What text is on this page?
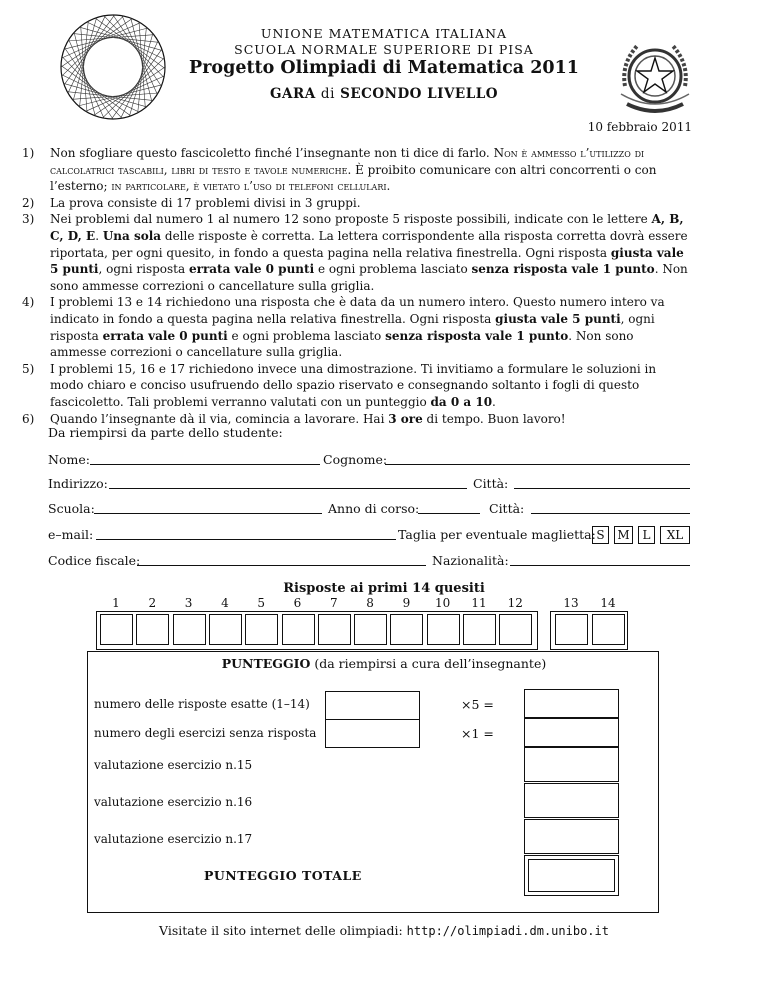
UNIONE MATEMATICA ITALIANA
SCUOLA NORMALE SUPERIORE DI PISA
Progetto Olimpiadi di Matematica 2011
GARA di SECONDO LIVELLO
10 febbraio 2011
1) Non sfogliare questo fascicoletto finché l’insegnante non ti dice di farlo. Non è ammesso l’utilizzo di calcolatrici tascabili, libri di testo e tavole numeriche. È proibito comunicare con altri concorrenti o con l’esterno; in particolare, è vietato l’uso di telefoni cellulari.
2) La prova consiste di 17 problemi divisi in 3 gruppi.
3) Nei problemi dal numero 1 al numero 12 sono proposte 5 risposte possibili, indicate con le lettere A, B, C, D, E. Una sola delle risposte è corretta. La lettera corrispondente alla risposta corretta dovrà essere riportata, per ogni quesito, in fondo a questa pagina nella relativa finestrella. Ogni risposta giusta vale 5 punti, ogni risposta errata vale 0 punti e ogni problema lasciato senza risposta vale 1 punto. Non sono ammesse correzioni o cancellature sulla griglia.
4) I problemi 13 e 14 richiedono una risposta che è data da un numero intero. Questo numero intero va indicato in fondo a questa pagina nella relativa finestrella. Ogni risposta giusta vale 5 punti, ogni risposta errata vale 0 punti e ogni problema lasciato senza risposta vale 1 punto. Non sono ammesse correzioni o cancellature sulla griglia.
5) I problemi 15, 16 e 17 richiedono invece una dimostrazione. Ti invitiamo a formulare le soluzioni in modo chiaro e conciso usufruendo dello spazio riservato e consegnando soltanto i fogli di questo fascicoletto. Tali problemi verranno valutati con un punteggio da 0 a 10.
6) Quando l’insegnante dà il via, comincia a lavorare. Hai 3 ore di tempo. Buon lavoro!
Da riempirsi da parte dello studente:
Nome:	Cognome:
Indirizzo:	Città:
Scuola:	Anno di corso:	Città:
e–mail:	Taglia per eventuale maglietta: S	M	L	XL
Codice fiscale:	Nazionalità:
Risposte ai primi 14 quesiti
1	2	3	4	5	6	7	8	9	10	11	12	13	14
PUNTEGGIO (da riempirsi a cura dell’insegnante)
numero delle risposte esatte (1–14)	×5 =
numero degli esercizi senza risposta	×1 =
valutazione esercizio n.15
valutazione esercizio n.16
valutazione esercizio n.17
PUNTEGGIO TOTALE
Visitate il sito internet delle olimpiadi: http://olimpiadi.dm.unibo.it
